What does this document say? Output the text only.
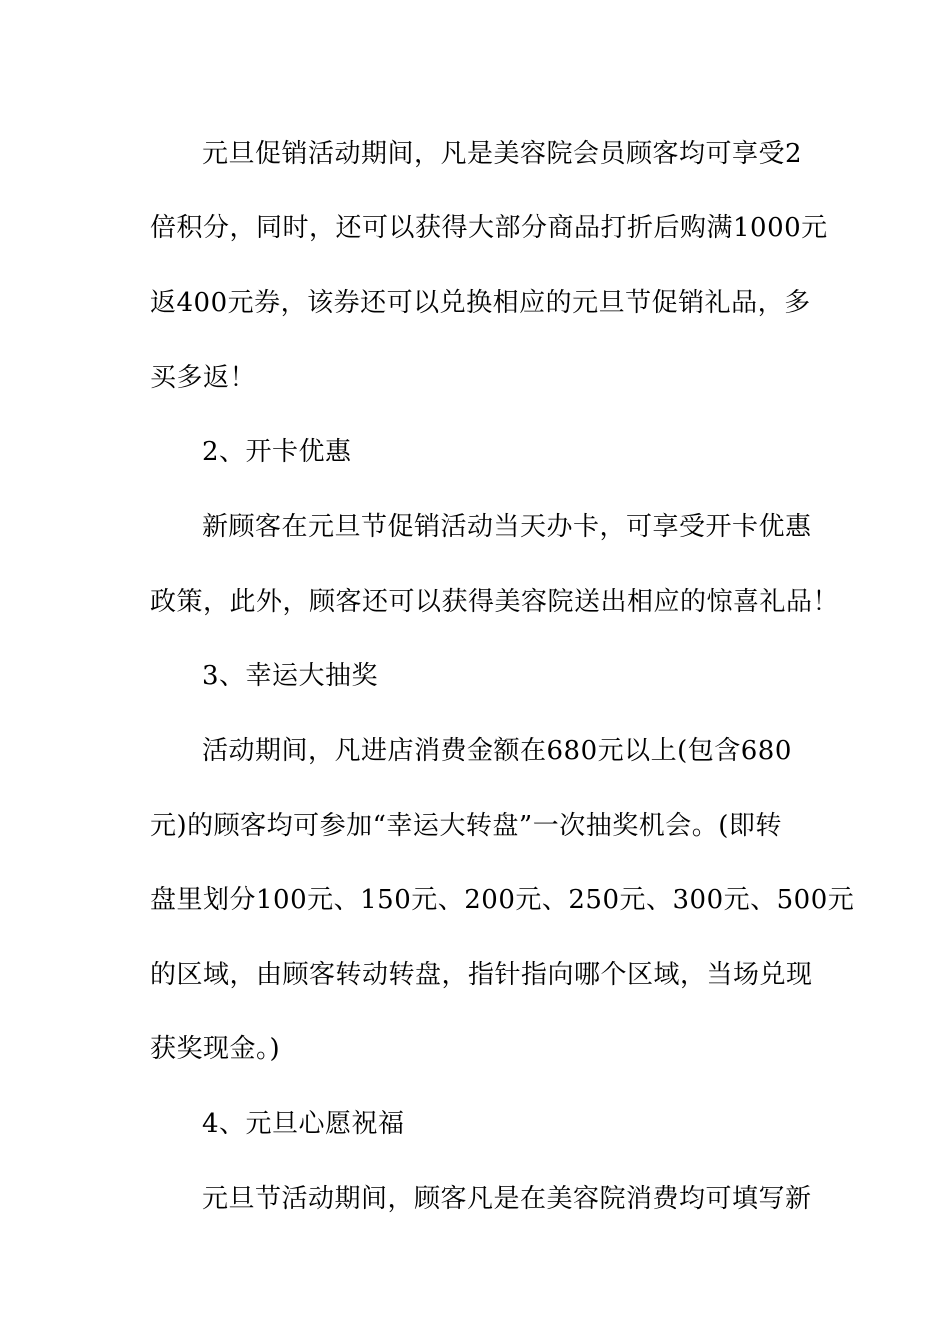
元旦促销活动期间，凡是美容院会员顾客均可享受2
倍积分，同时，还可以获得大部分商品打折后购满1000元
返400元券，该券还可以兑换相应的元旦节促销礼品，多
买多返！
2、开卡优惠
新顾客在元旦节促销活动当天办卡，可享受开卡优惠
政策，此外，顾客还可以获得美容院送出相应的惊喜礼品！
3、幸运大抽奖
活动期间，凡进店消费金额在680元以上(包含680
元)的顾客均可参加“幸运大转盘”一次抽奖机会。(即转
盘里划分100元、150元、200元、250元、300元、500元
的区域，由顾客转动转盘，指针指向哪个区域，当场兑现
获奖现金。)
4、元旦心愿祝福
元旦节活动期间，顾客凡是在美容院消费均可填写新
